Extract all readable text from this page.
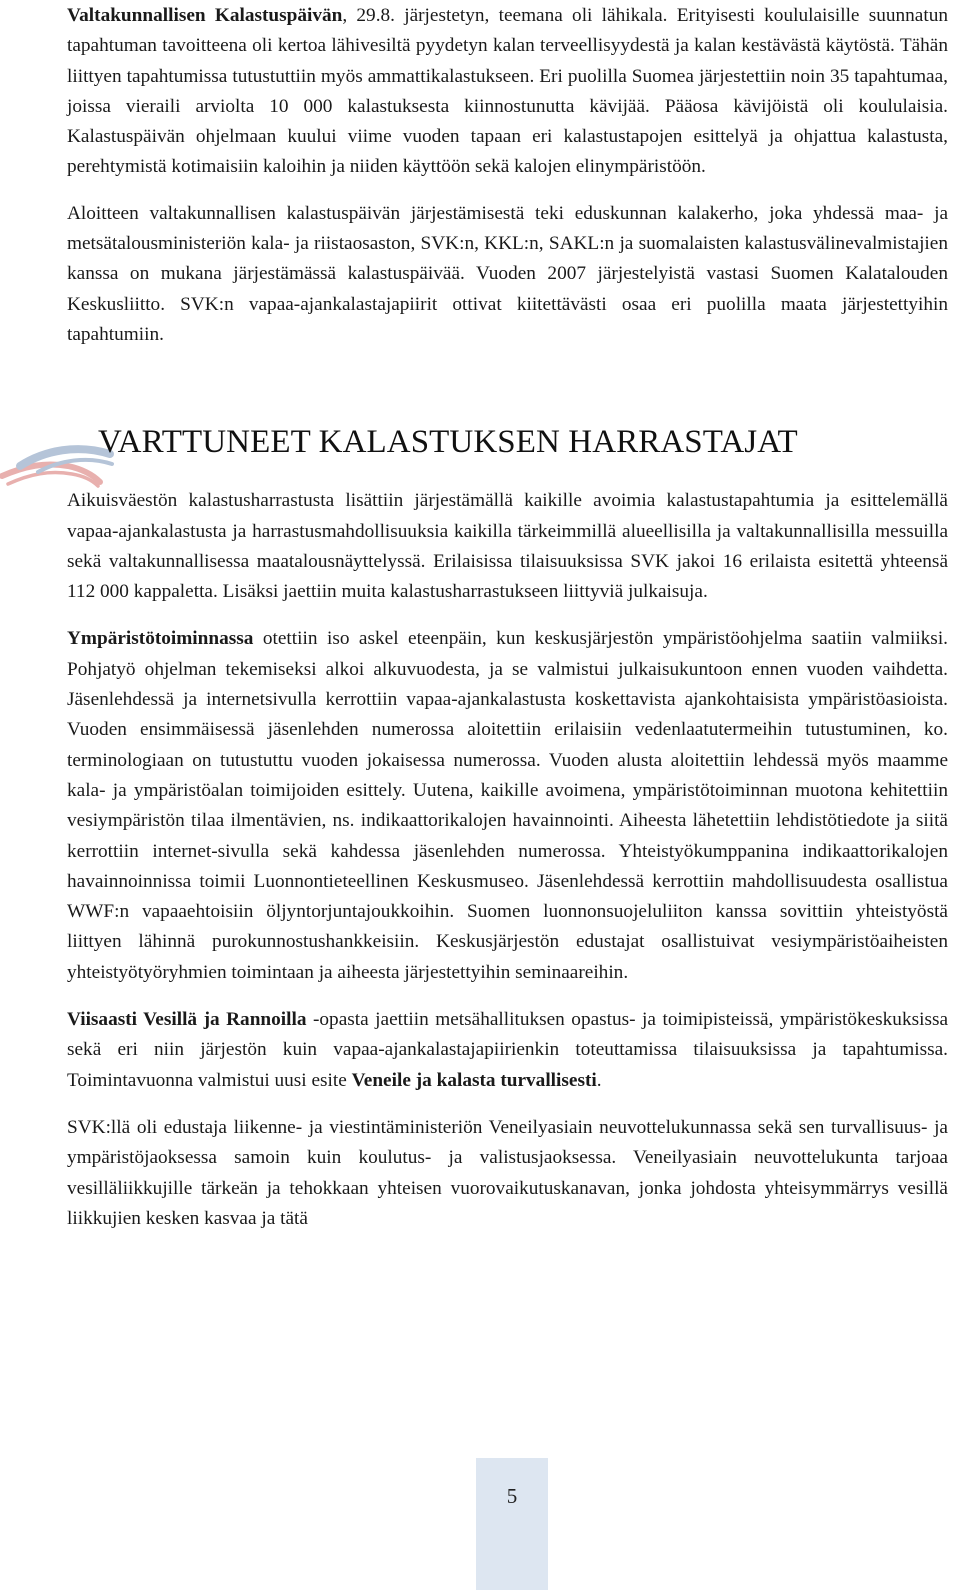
Valtakunnallisen Kalastuspäivän, 29.8. järjestetyn, teemana oli lähikala. Erityisesti koululaisille suunnatun tapahtuman tavoitteena oli kertoa lähivesiltä pyydetyn kalan terveellisyydestä ja kalan kestävästä käytöstä. Tähän liittyen tapahtumissa tutustuttiin myös ammattikalastukseen. Eri puolilla Suomea järjestettiin noin 35 tapahtumaa, joissa vieraili arviolta 10 000 kalastuksesta kiinnostunutta kävijää. Pääosa kävijöistä oli koululaisia. Kalastuspäivän ohjelmaan kuului viime vuoden tapaan eri kalastustapojen esittelyä ja ohjattua kalastusta, perehtymistä kotimaisiin kaloihin ja niiden käyttöön sekä kalojen elinympäristöön.

Aloitteen valtakunnallisen kalastuspäivän järjestämisestä teki eduskunnan kalakerho, joka yhdessä maa- ja metsätalousministeriön kala- ja riistaosaston, SVK:n, KKL:n, SAKL:n ja suomalaisten kalastusvälinevalmistajien kanssa on mukana järjestämässä kalastuspäivää. Vuoden 2007 järjestelyistä vastasi Suomen Kalatalouden Keskusliitto. SVK:n vapaa-ajankalastajapiirit ottivat kiitettävästi osaa eri puolilla maata järjestettyihin tapahtumiin.

VARTTUNEET KALASTUKSEN HARRASTAJAT

Aikuisväestön kalastusharrastusta lisättiin järjestämällä kaikille avoimia kalastustapahtumia ja esittelemällä vapaa-ajankalastusta ja harrastusmahdollisuuksia kaikilla tärkeimmillä alueellisilla ja valtakunnallisilla messuilla sekä valtakunnallisessa maatalousnäyttelyssä. Erilaisissa tilaisuuksissa SVK jakoi 16 erilaista esitettä yhteensä 112 000 kappaletta. Lisäksi jaettiin muita kalastusharrastukseen liittyviä julkaisuja.

Ympäristötoiminnassa otettiin iso askel eteenpäin, kun keskusjärjestön ympäristöohjelma saatiin valmiiksi. Pohjatyö ohjelman tekemiseksi alkoi alkuvuodesta, ja se valmistui julkaisukuntoon ennen vuoden vaihdetta. Jäsenlehdessä ja internetsivulla kerrottiin vapaa-ajankalastusta koskettavista ajankohtaisista ympäristöasioista. Vuoden ensimmäisessä jäsenlehden numerossa aloitettiin erilaisiin vedenlaatutermeihin tutustuminen, ko. terminologiaan on tutustuttu vuoden jokaisessa numerossa. Vuoden alusta aloitettiin lehdessä myös maamme kala- ja ympäristöalan toimijoiden esittely. Uutena, kaikille avoimena, ympäristötoiminnan muotona kehitettiin vesiympäristön tilaa ilmentävien, ns. indikaattorikalojen havainnointi. Aiheesta lähetettiin lehdistötiedote ja siitä kerrottiin internet-sivulla sekä kahdessa jäsenlehden numerossa. Yhteistyökumppanina indikaattorikalojen havainnoinnissa toimii Luonnontieteellinen Keskusmuseo. Jäsenlehdessä kerrottiin mahdollisuudesta osallistua WWF:n vapaaehtoisiin öljyntorjuntajoukkoihin. Suomen luonnonsuojeluliiton kanssa sovittiin yhteistyöstä liittyen lähinnä purokunnostushankkeisiin. Keskusjärjestön edustajat osallistuivat vesiympäristöaiheisten yhteistyötyöryhmien toimintaan ja aiheesta järjestettyihin seminaareihin.

Viisaasti Vesillä ja Rannoilla -opasta jaettiin metsähallituksen opastus- ja toimipisteissä, ympäristökeskuksissa sekä eri niin järjestön kuin vapaa-ajankalastajapiirienkin toteuttamissa tilaisuuksissa ja tapahtumissa. Toimintavuonna valmistui uusi esite Veneile ja kalasta turvallisesti.

SVK:llä oli edustaja liikenne- ja viestintäministeriön Veneilyasiain neuvottelukunnassa sekä sen turvallisuus- ja ympäristöjaoksessa samoin kuin koulutus- ja valistusjaoksessa. Veneilyasiain neuvottelukunta tarjoaa vesilläliikkujille tärkeän ja tehokkaan yhteisen vuorovaikutuskanavan, jonka johdosta yhteisymmärrys vesillä liikkujien kesken kasvaa ja tätä

5
